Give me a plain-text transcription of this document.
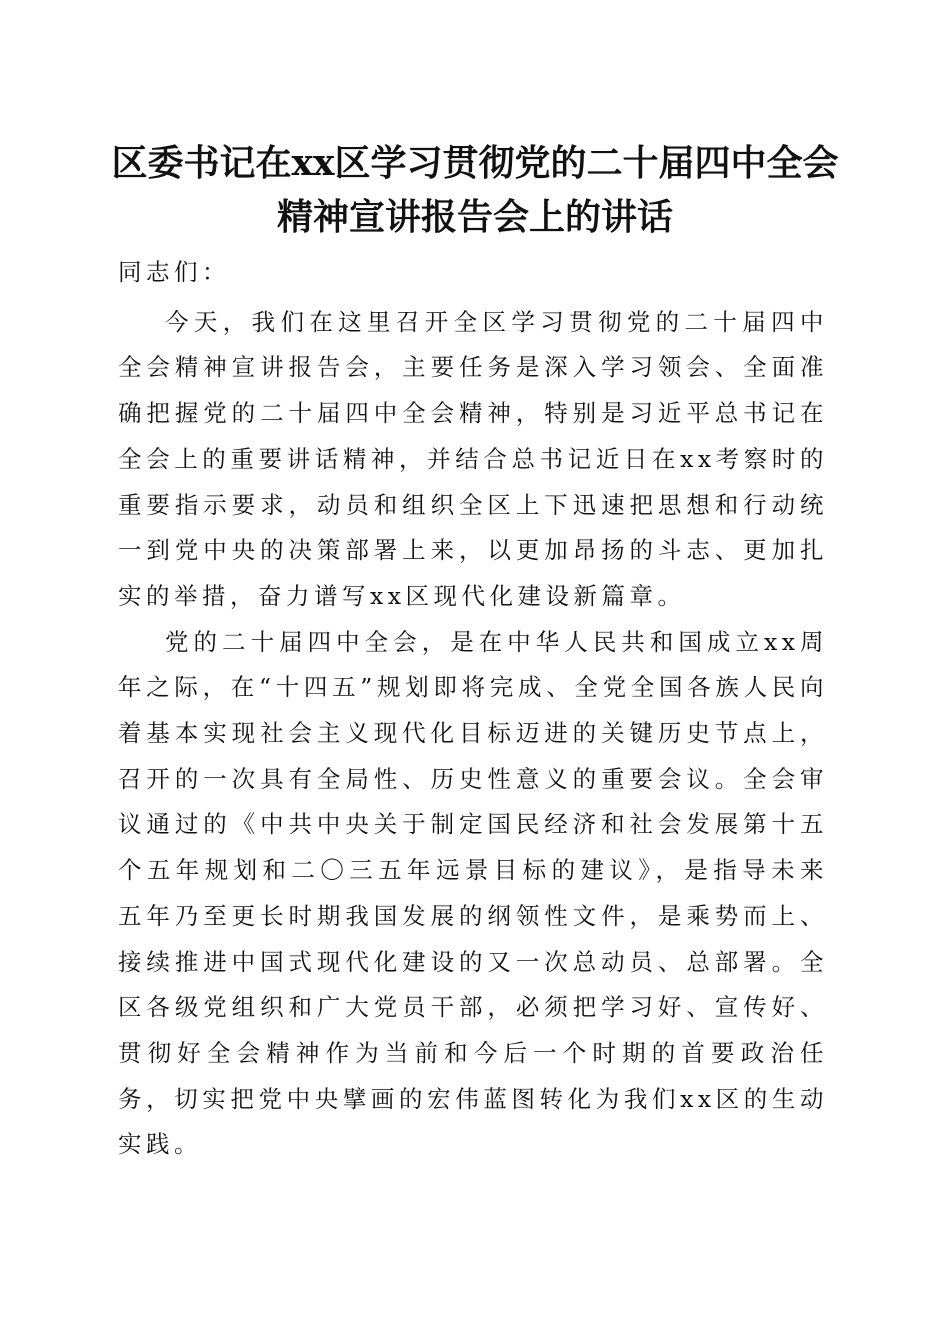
区委书记在xx区学习贯彻党的二十届四中全会精神宣讲报告会上的讲话

同志们：

今天，我们在这里召开全区学习贯彻党的二十届四中全会精神宣讲报告会，主要任务是深入学习领会、全面准确把握党的二十届四中全会精神，特别是习近平总书记在全会上的重要讲话精神，并结合总书记近日在xx考察时的重要指示要求，动员和组织全区上下迅速把思想和行动统一到党中央的决策部署上来，以更加昂扬的斗志、更加扎实的举措，奋力谱写xx区现代化建设新篇章。

党的二十届四中全会，是在中华人民共和国成立xx周年之际，在“十四五”规划即将完成、全党全国各族人民向着基本实现社会主义现代化目标迈进的关键历史节点上，召开的一次具有全局性、历史性意义的重要会议。全会审议通过的《中共中央关于制定国民经济和社会发展第十五个五年规划和二〇三五年远景目标的建议》，是指导未来五年乃至更长时期我国发展的纲领性文件，是乘势而上、接续推进中国式现代化建设的又一次总动员、总部署。全区各级党组织和广大党员干部，必须把学习好、宣传好、贯彻好全会精神作为当前和今后一个时期的首要政治任务，切实把党中央擘画的宏伟蓝图转化为我们xx区的生动实践。
